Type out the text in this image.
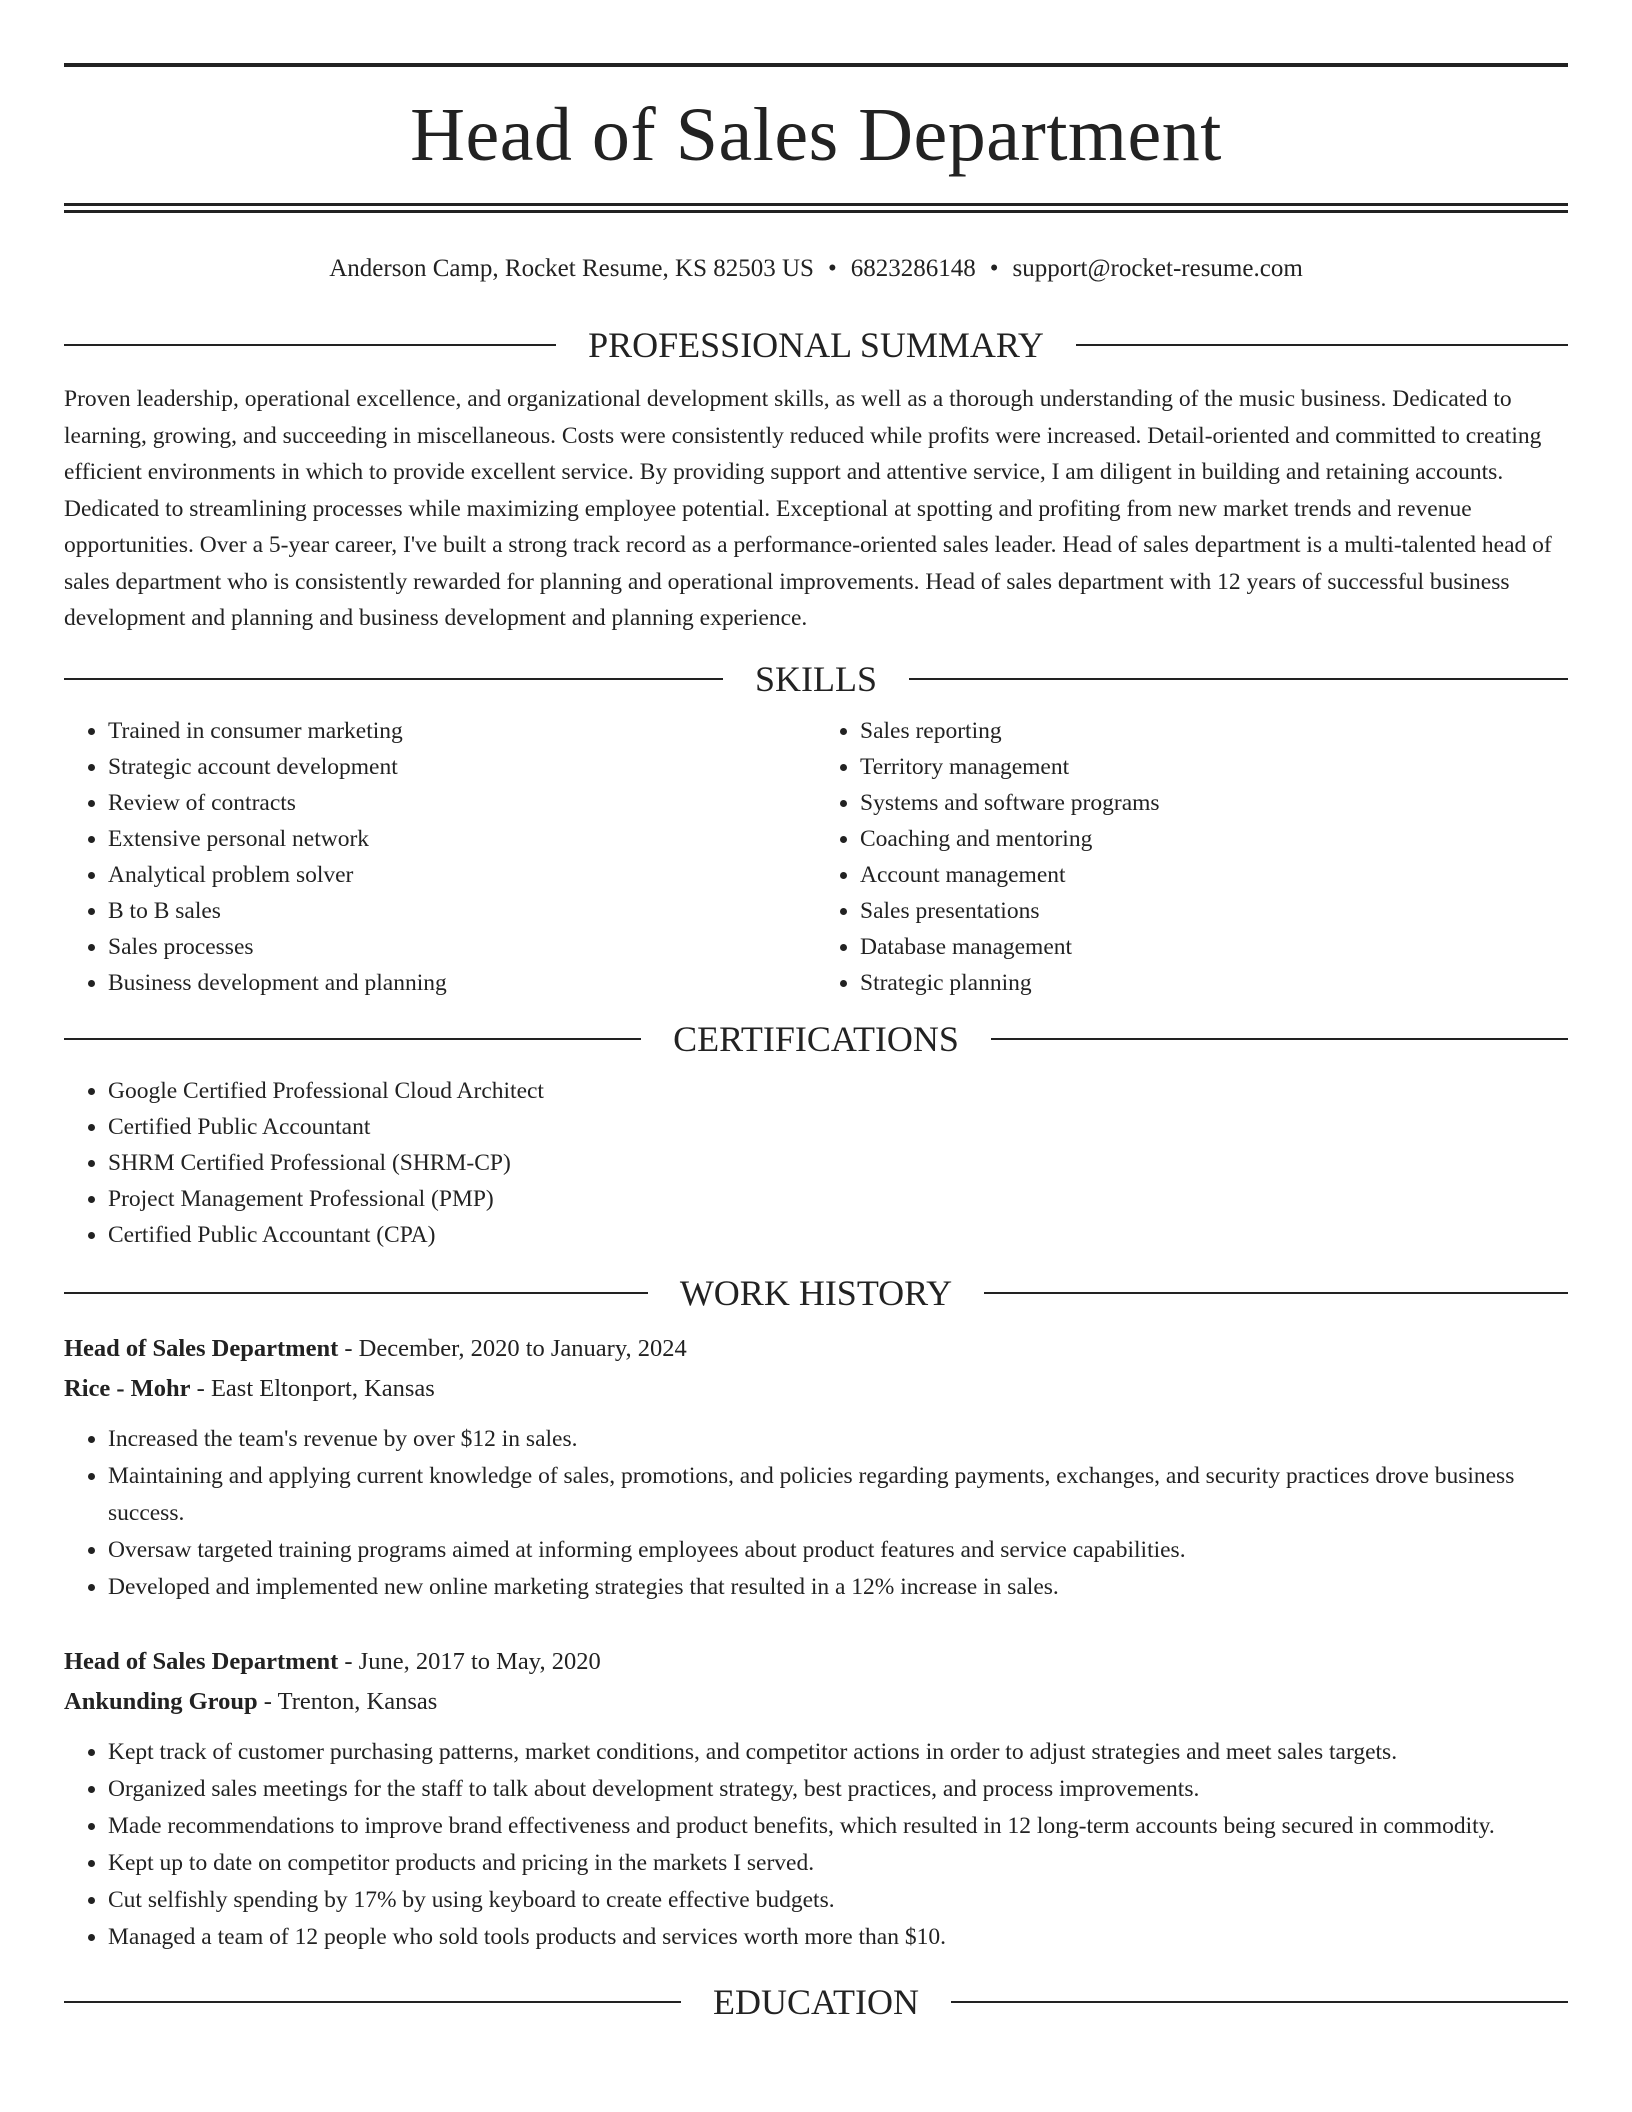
Head of Sales Department
Anderson Camp, Rocket Resume, KS 82503 US • 6823286148 • support@rocket-resume.com
PROFESSIONAL SUMMARY

Proven leadership, operational excellence, and organizational development skills, as well as a thorough understanding of the music business. Dedicated to learning, growing, and succeeding in miscellaneous. Costs were consistently reduced while profits were increased. Detail-oriented and committed to creating efficient environments in which to provide excellent service. By providing support and attentive service, I am diligent in building and retaining accounts. Dedicated to streamlining processes while maximizing employee potential. Exceptional at spotting and profiting from new market trends and revenue opportunities. Over a 5-year career, I've built a strong track record as a performance-oriented sales leader. Head of sales department is a multi-talented head of sales department who is consistently rewarded for planning and operational improvements. Head of sales department with 12 years of successful business development and planning and business development and planning experience.

SKILLS
• Trained in consumer marketing
• Strategic account development
• Review of contracts
• Extensive personal network
• Analytical problem solver
• B to B sales
• Sales processes
• Business development and planning
• Sales reporting
• Territory management
• Systems and software programs
• Coaching and mentoring
• Account management
• Sales presentations
• Database management
• Strategic planning
CERTIFICATIONS
• Google Certified Professional Cloud Architect
• Certified Public Accountant
• SHRM Certified Professional (SHRM-CP)
• Project Management Professional (PMP)
• Certified Public Accountant (CPA)
WORK HISTORY
Head of Sales Department - December, 2020 to January, 2024
Rice - Mohr - East Eltonport, Kansas
• Increased the team's revenue by over $12 in sales.
• Maintaining and applying current knowledge of sales, promotions, and policies regarding payments, exchanges, and security practices drove business success.
• Oversaw targeted training programs aimed at informing employees about product features and service capabilities.
• Developed and implemented new online marketing strategies that resulted in a 12% increase in sales.
Head of Sales Department - June, 2017 to May, 2020
Ankunding Group - Trenton, Kansas
• Kept track of customer purchasing patterns, market conditions, and competitor actions in order to adjust strategies and meet sales targets.
• Organized sales meetings for the staff to talk about development strategy, best practices, and process improvements.
• Made recommendations to improve brand effectiveness and product benefits, which resulted in 12 long-term accounts being secured in commodity.
• Kept up to date on competitor products and pricing in the markets I served.
• Cut selfishly spending by 17% by using keyboard to create effective budgets.
• Managed a team of 12 people who sold tools products and services worth more than $10.
EDUCATION
